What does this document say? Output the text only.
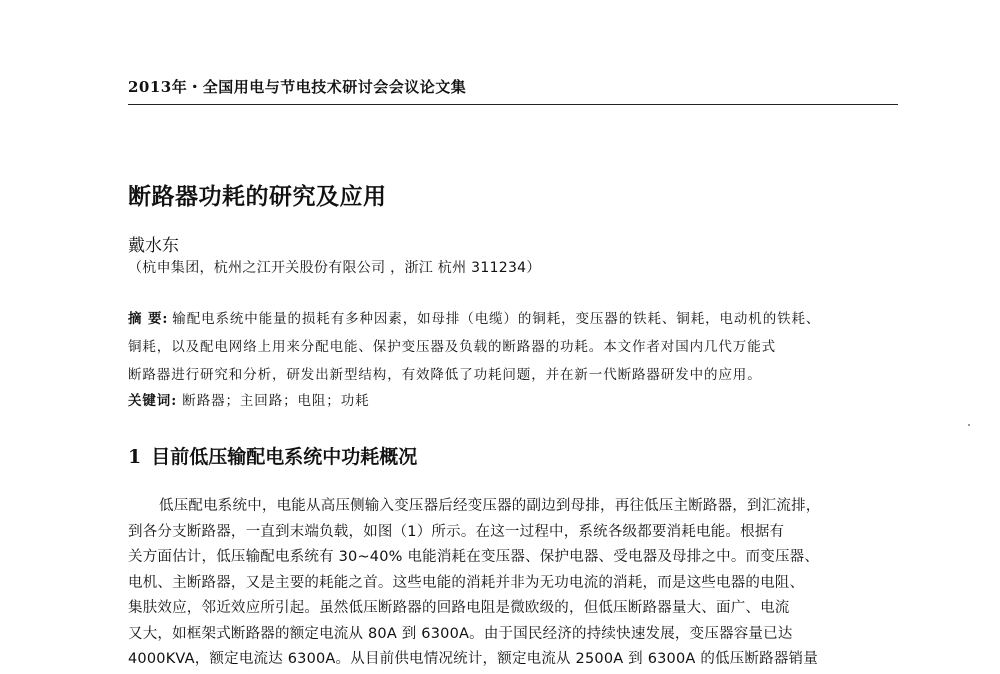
2013年・全国用电与节电技术研讨会会议论文集
断路器功耗的研究及应用
戴水东
（杭申集团，杭州之江开关股份有限公司 ，浙江 杭州 311234）
摘 要: 输配电系统中能量的损耗有多种因素，如母排（电缆）的铜耗，变压器的铁耗、铜耗，电动机的铁耗、
铜耗，以及配电网络上用来分配电能、保护变压器及负载的断路器的功耗。本文作者对国内几代万能式
断路器进行研究和分析，研发出新型结构，有效降低了功耗问题，并在新一代断路器研发中的应用。
关键词: 断路器；主回路；电阻；功耗
1 目前低压输配电系统中功耗概况
低压配电系统中，电能从高压侧输入变压器后经变压器的副边到母排，再往低压主断路器，到汇流排，
到各分支断路器，一直到末端负载，如图（1）所示。在这一过程中，系统各级都要消耗电能。根据有
关方面估计，低压输配电系统有 30~40% 电能消耗在变压器、保护电器、受电器及母排之中。而变压器、
电机、主断路器，又是主要的耗能之首。这些电能的消耗并非为无功电流的消耗，而是这些电器的电阻、
集肤效应，邻近效应所引起。虽然低压断路器的回路电阻是微欧级的，但低压断路器量大、面广、电流
又大，如框架式断路器的额定电流从 80A 到 6300A。由于国民经济的持续快速发展，变压器容量已达
4000KVA，额定电流达 6300A。从目前供电情况统计，额定电流从 2500A 到 6300A 的低压断路器销量
